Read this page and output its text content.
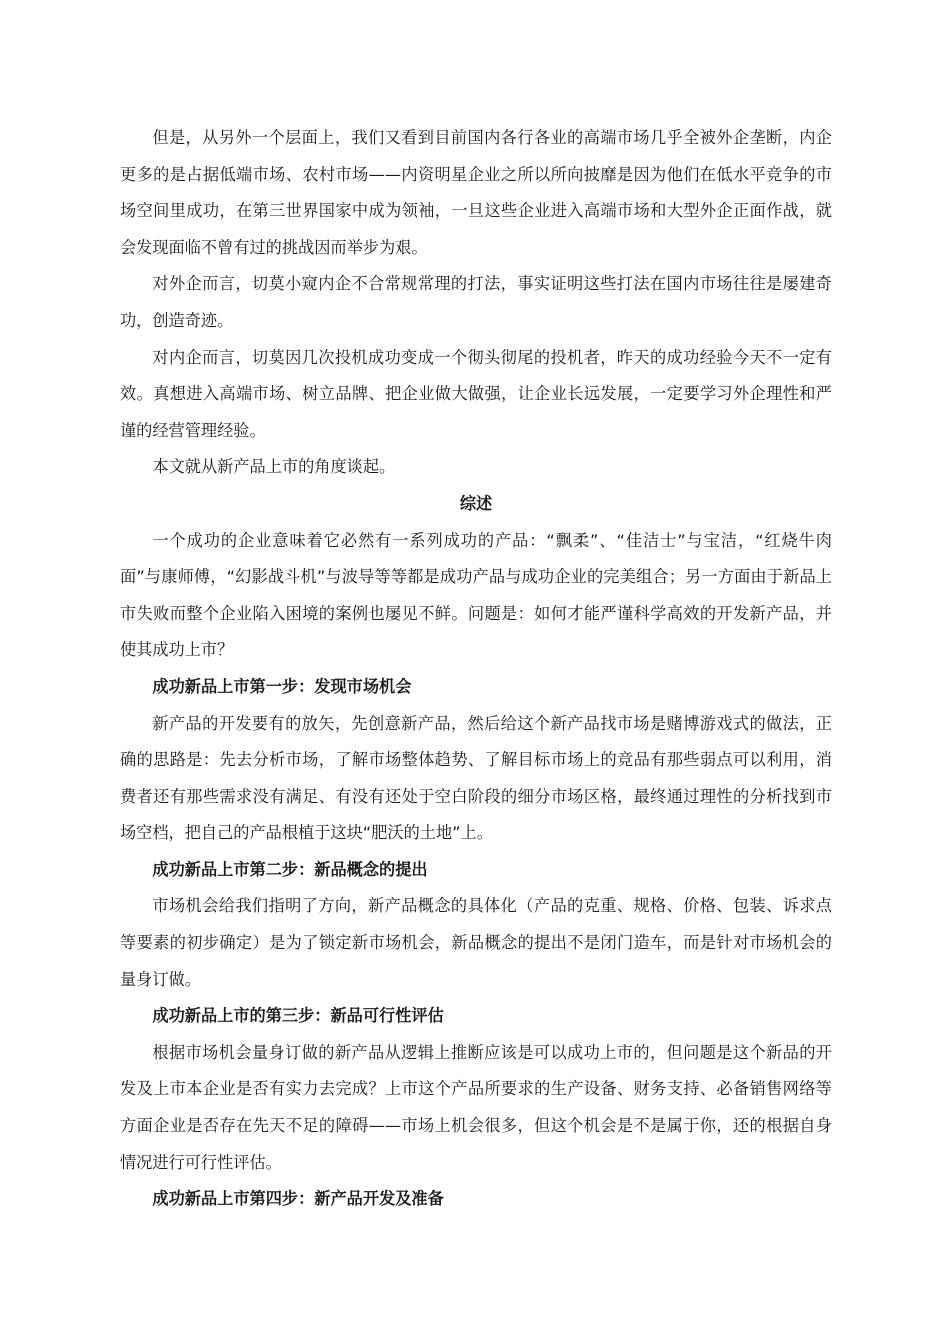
但是，从另外一个层面上，我们又看到目前国内各行各业的高端市场几乎全被外企垄断，内企更多的是占据低端市场、农村市场——内资明星企业之所以所向披靡是因为他们在低水平竞争的市场空间里成功，在第三世界国家中成为领袖，一旦这些企业进入高端市场和大型外企正面作战，就会发现面临不曾有过的挑战因而举步为艰。

对外企而言，切莫小窥内企不合常规常理的打法，事实证明这些打法在国内市场往往是屡建奇功，创造奇迹。

对内企而言，切莫因几次投机成功变成一个彻头彻尾的投机者，昨天的成功经验今天不一定有效。真想进入高端市场、树立品牌、把企业做大做强，让企业长远发展，一定要学习外企理性和严谨的经营管理经验。

本文就从新产品上市的角度谈起。

综述

一个成功的企业意味着它必然有一系列成功的产品：“飘柔”、“佳洁士”与宝洁，“红烧牛肉面”与康师傅，“幻影战斗机”与波导等等都是成功产品与成功企业的完美组合；另一方面由于新品上市失败而整个企业陷入困境的案例也屡见不鲜。问题是：如何才能严谨科学高效的开发新产品，并使其成功上市？

成功新品上市第一步：发现市场机会

新产品的开发要有的放矢，先创意新产品，然后给这个新产品找市场是赌博游戏式的做法，正确的思路是：先去分析市场，了解市场整体趋势、了解目标市场上的竞品有那些弱点可以利用，消费者还有那些需求没有满足、有没有还处于空白阶段的细分市场区格，最终通过理性的分析找到市场空档，把自己的产品根植于这块“肥沃的土地”上。

成功新品上市第二步：新品概念的提出

市场机会给我们指明了方向，新产品概念的具体化（产品的克重、规格、价格、包装、诉求点等要素的初步确定）是为了锁定新市场机会，新品概念的提出不是闭门造车，而是针对市场机会的量身订做。

成功新品上市的第三步：新品可行性评估

根据市场机会量身订做的新产品从逻辑上推断应该是可以成功上市的，但问题是这个新品的开发及上市本企业是否有实力去完成？上市这个产品所要求的生产设备、财务支持、必备销售网络等方面企业是否存在先天不足的障碍——市场上机会很多，但这个机会是不是属于你，还的根据自身情况进行可行性评估。

成功新品上市第四步：新产品开发及准备
